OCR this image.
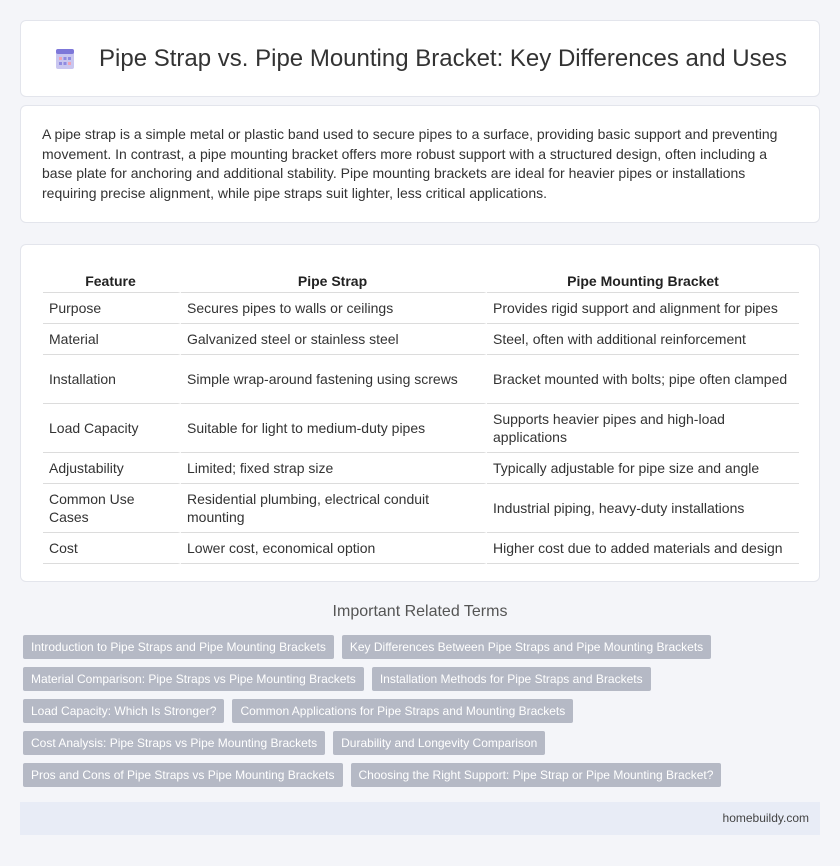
Pipe Strap vs. Pipe Mounting Bracket: Key Differences and Uses

A pipe strap is a simple metal or plastic band used to secure pipes to a surface, providing basic support and preventing movement. In contrast, a pipe mounting bracket offers more robust support with a structured design, often including a base plate for anchoring and additional stability. Pipe mounting brackets are ideal for heavier pipes or installations requiring precise alignment, while pipe straps suit lighter, less critical applications.

Feature	Pipe Strap	Pipe Mounting Bracket
Purpose	Secures pipes to walls or ceilings	Provides rigid support and alignment for pipes
Material	Galvanized steel or stainless steel	Steel, often with additional reinforcement
Installation	Simple wrap-around fastening using screws	Bracket mounted with bolts; pipe often clamped
Load Capacity	Suitable for light to medium-duty pipes	Supports heavier pipes and high-load applications
Adjustability	Limited; fixed strap size	Typically adjustable for pipe size and angle
Common Use Cases	Residential plumbing, electrical conduit mounting	Industrial piping, heavy-duty installations
Cost	Lower cost, economical option	Higher cost due to added materials and design
Important Related Terms
Introduction to Pipe Straps and Pipe Mounting Brackets	Key Differences Between Pipe Straps and Pipe Mounting Brackets
Material Comparison: Pipe Straps vs Pipe Mounting Brackets	Installation Methods for Pipe Straps and Brackets
Load Capacity: Which Is Stronger?	Common Applications for Pipe Straps and Mounting Brackets
Cost Analysis: Pipe Straps vs Pipe Mounting Brackets	Durability and Longevity Comparison
Pros and Cons of Pipe Straps vs Pipe Mounting Brackets	Choosing the Right Support: Pipe Strap or Pipe Mounting Bracket?
homebuildy.com
